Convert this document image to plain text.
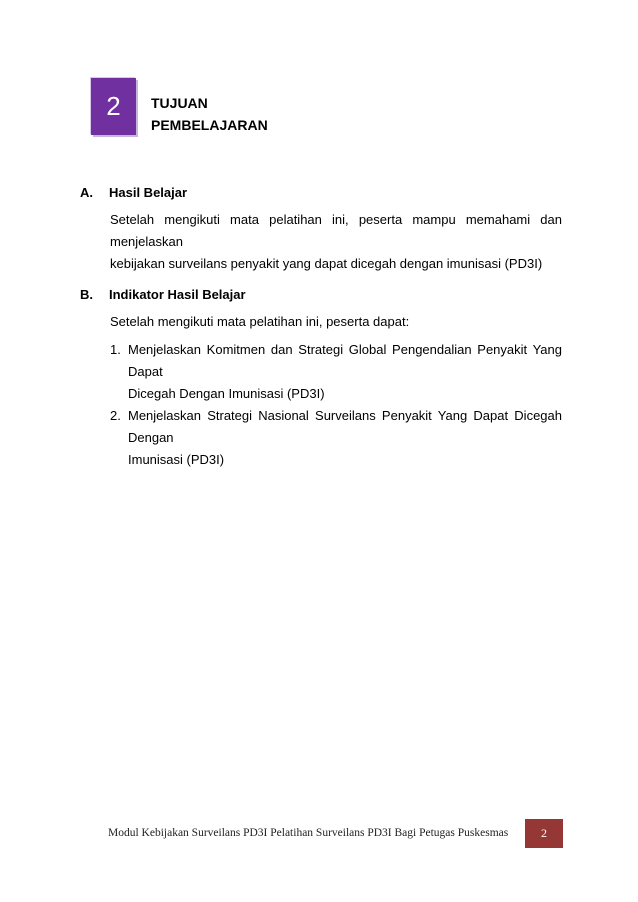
2	TUJUAN
PEMBELAJARAN
A. Hasil Belajar
Setelah mengikuti mata pelatihan ini, peserta mampu memahami dan menjelaskan
kebijakan surveilans penyakit yang dapat dicegah dengan imunisasi (PD3I)
B. Indikator Hasil Belajar
Setelah mengikuti mata pelatihan ini, peserta dapat:
1. Menjelaskan Komitmen dan Strategi Global Pengendalian Penyakit Yang Dapat
Dicegah Dengan Imunisasi (PD3I)
2. Menjelaskan Strategi Nasional Surveilans Penyakit Yang Dapat Dicegah Dengan
Imunisasi (PD3I)
Modul Kebijakan Surveilans PD3I Pelatihan Surveilans PD3I Bagi Petugas Puskesmas	2
